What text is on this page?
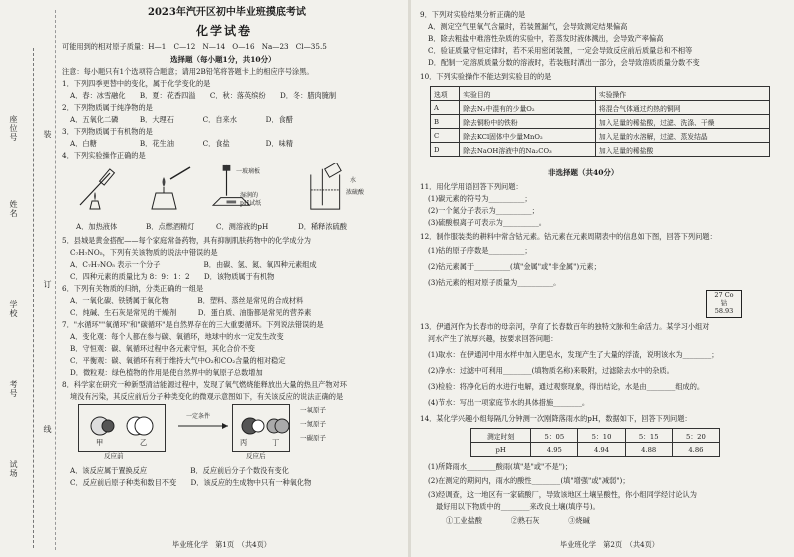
座位号
姓名
学校
考号
试场
装
订
线
2023年汽开区初中毕业班摸底考试
化学试卷
可能用到的相对原子质量：H—1　C—12　N—14　O—16　Na—23　Cl—35.5
选择题（每小题1分，共10分）
注意：每小题只有1个选项符合题意；请用2B铅笔将答题卡上的相应序号涂黑。
1．下列四季更替中的变化，属于化学变化的是
A．春：冰雪融化　　B．夏：花香四溢　　C．秋：落英缤纷　　D．冬：腊肉腌制
2．下列物质属于纯净物的是
A．五氧化二磷　　　B．大理石　　　　C．自来水　　　　D．食醋
3．下列物质属于有机物的是
A．白糖　　　　　　B．花生油　　　　C．食盐　　　　　D．味精
4．下列实验操作正确的是
一玻璃板
湿润的
pH试纸
水
浓硫酸
A．加热液体	B．点燃酒精灯	C．测溶液的pH	D．稀释浓硫酸
5．县城是黄金搭配——每个家庭常备药物，具有抑制肌肤药物中的化学成分为
C₇H₇NO₅，下列有关该物质的说法中错误的是
A．C₇H₇NO₅ 表示一个分子　　　　　　B．由碳、氢、氮、氧四种元素组成
C．四种元素的质量比为 8：9：1：2　　D．该物质属于有机物
6．下列有关物质的归纳，分类正确的一组是
A．一氧化碳、铁锈属于氧化物　　　　B．塑料、蒸丝是常见的合成材料
C．纯碱、生石灰是常见的干燥剂　　　D．蛋白质、油脂都是常见的营养素
7．"水循环""氧循环"和"碳循环"是自然界存在的三大重要循环。下列说法错误的是
A．变化观：每个人都在参与碳、氧循环，地球中的水一定发生改变
B．守恒观：碳、氧循环过程中各元素守恒，其化合价不变
C．平衡观：碳、氧循环有利于维持大气中O₂和CO₂含量的相对稳定
D．微粒观：绿色植物的作用是使自然界中的氧原子总数增加
8．科学家在研究一种新型清洁能源过程中，发现了氧气燃烧能释放出大量的热且产物对环
境没有污染，其反应前后分子种类变化的微观示意图如下，有关该反应的说法正确的是
甲	乙	丙	丁
一定条件
一氧原子
一氮原子
一碳原子
反应前	反应后
A．该反应属于置换反应　　　　　　B．反应前后分子个数没有变化
C．反应前后原子种类和数目不变　　D．该反应的生成物中只有一种氧化物
毕业班化学　第1页　（共4页）
9．下列对实验结果分析正确的是
A．测定空气里氧气含量时，若装置漏气，会导致测定结果偏高
B．除去粗盐中难溶性杂质的实验中，若蒸发时液体溅出，会导致产率偏高
C．验证质量守恒定律时，若不采用密闭装置，一定会导致反应前后质量总和不相等
D．配制一定溶质质量分数的溶液时，若装瓶时洒出一部分，会导致溶质质量分数不变
10．下列实验操作不能达到实验目的的是
选项	实验目的	实验操作
A	除去N₂中混有的少量O₂	将混合气体通过灼热的铜网
B	除去铜粉中的铁粉	加入足量的稀盐酸，过滤、洗涤、干燥
C	除去KCl固体中少量MnO₂	加入足量的水溶解，过滤、蒸发结晶
D	除去NaOH溶液中的Na₂CO₃	加入足量的稀盐酸
非选择题（共40分）
11．用化学用语回答下列问题：
(1)碳元素的符号为__________；
(2)一个氮分子表示为__________；
(3)硫酸根离子可表示为__________。
12．制作服装类的耕料中常含钴元素。钴元素在元素周期表中的信息如下图，回答下列问题：
(1)钴的原子序数是__________；
(2)钴元素属于__________(填"金属"或"非金属")元素；
(3)钴元素的相对原子质量为__________。
27 Co
钴
58.93
13．伊通河作为长春市的母亲河，孕育了长春数百年的独特文脉和生命活力。某学习小组对
河水产生了浓厚兴趣，按要求回答问题：
(1)取水：在伊通河中用水样中加入肥皂水，发现产生了大量的浮渣，说明该水为________；
(2)净水：过滤中可利用________(填物质名称)来吸附，过滤除去水中的杂质。
(3)检验：将净化后的水进行电解，通过观察现象，得出结论，水是由________组成的。
(4)节水：写出一项家庭节水的具体措施________。
14．某化学兴趣小组每隔几分钟测一次刚降落雨水的pH，数据如下，回答下列问题：
测定时刻	5：05	5：10	5：15	5：20
pH	4.95	4.94	4.88	4.86
(1)所降雨水________酸雨(填"是"或"不是")；
(2)在测定的期间内，雨水的酸性________(填"增强"或"减弱")；
(3)经调查，这一地区有一家硫酸厂，导致该地区土壤呈酸性，你小组同学经讨论认为
最好用以下物质中的________来改良土壤(填序号)。
①工业盐酸　　　　②熟石灰　　　　③烧碱
毕业班化学　第2页　（共4页）
